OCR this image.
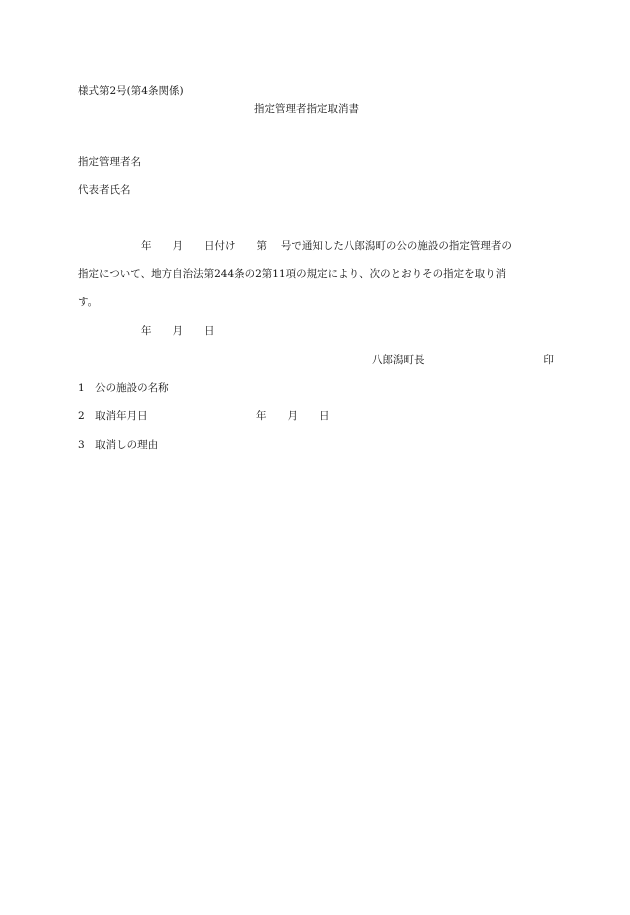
様式第2号(第4条関係)
指定管理者指定取消書
指定管理者名
代表者氏名
　　　　　　年　　月　　日付け　　第　 号で通知した八郎潟町の公の施設の指定管理者の
指定について、地方自治法第244条の2第11項の規定により、次のとおりその指定を取り消
す。
　　　　　　年　　月　　日
　　　　　　　　　　　　　　　　　　　　　　　　　　　　八郎潟町長　　　　　　　　　　 　印
1　公の施設の名称
2　取消年月日　　　　　　　　　　 年　　月　　日
3　取消しの理由
